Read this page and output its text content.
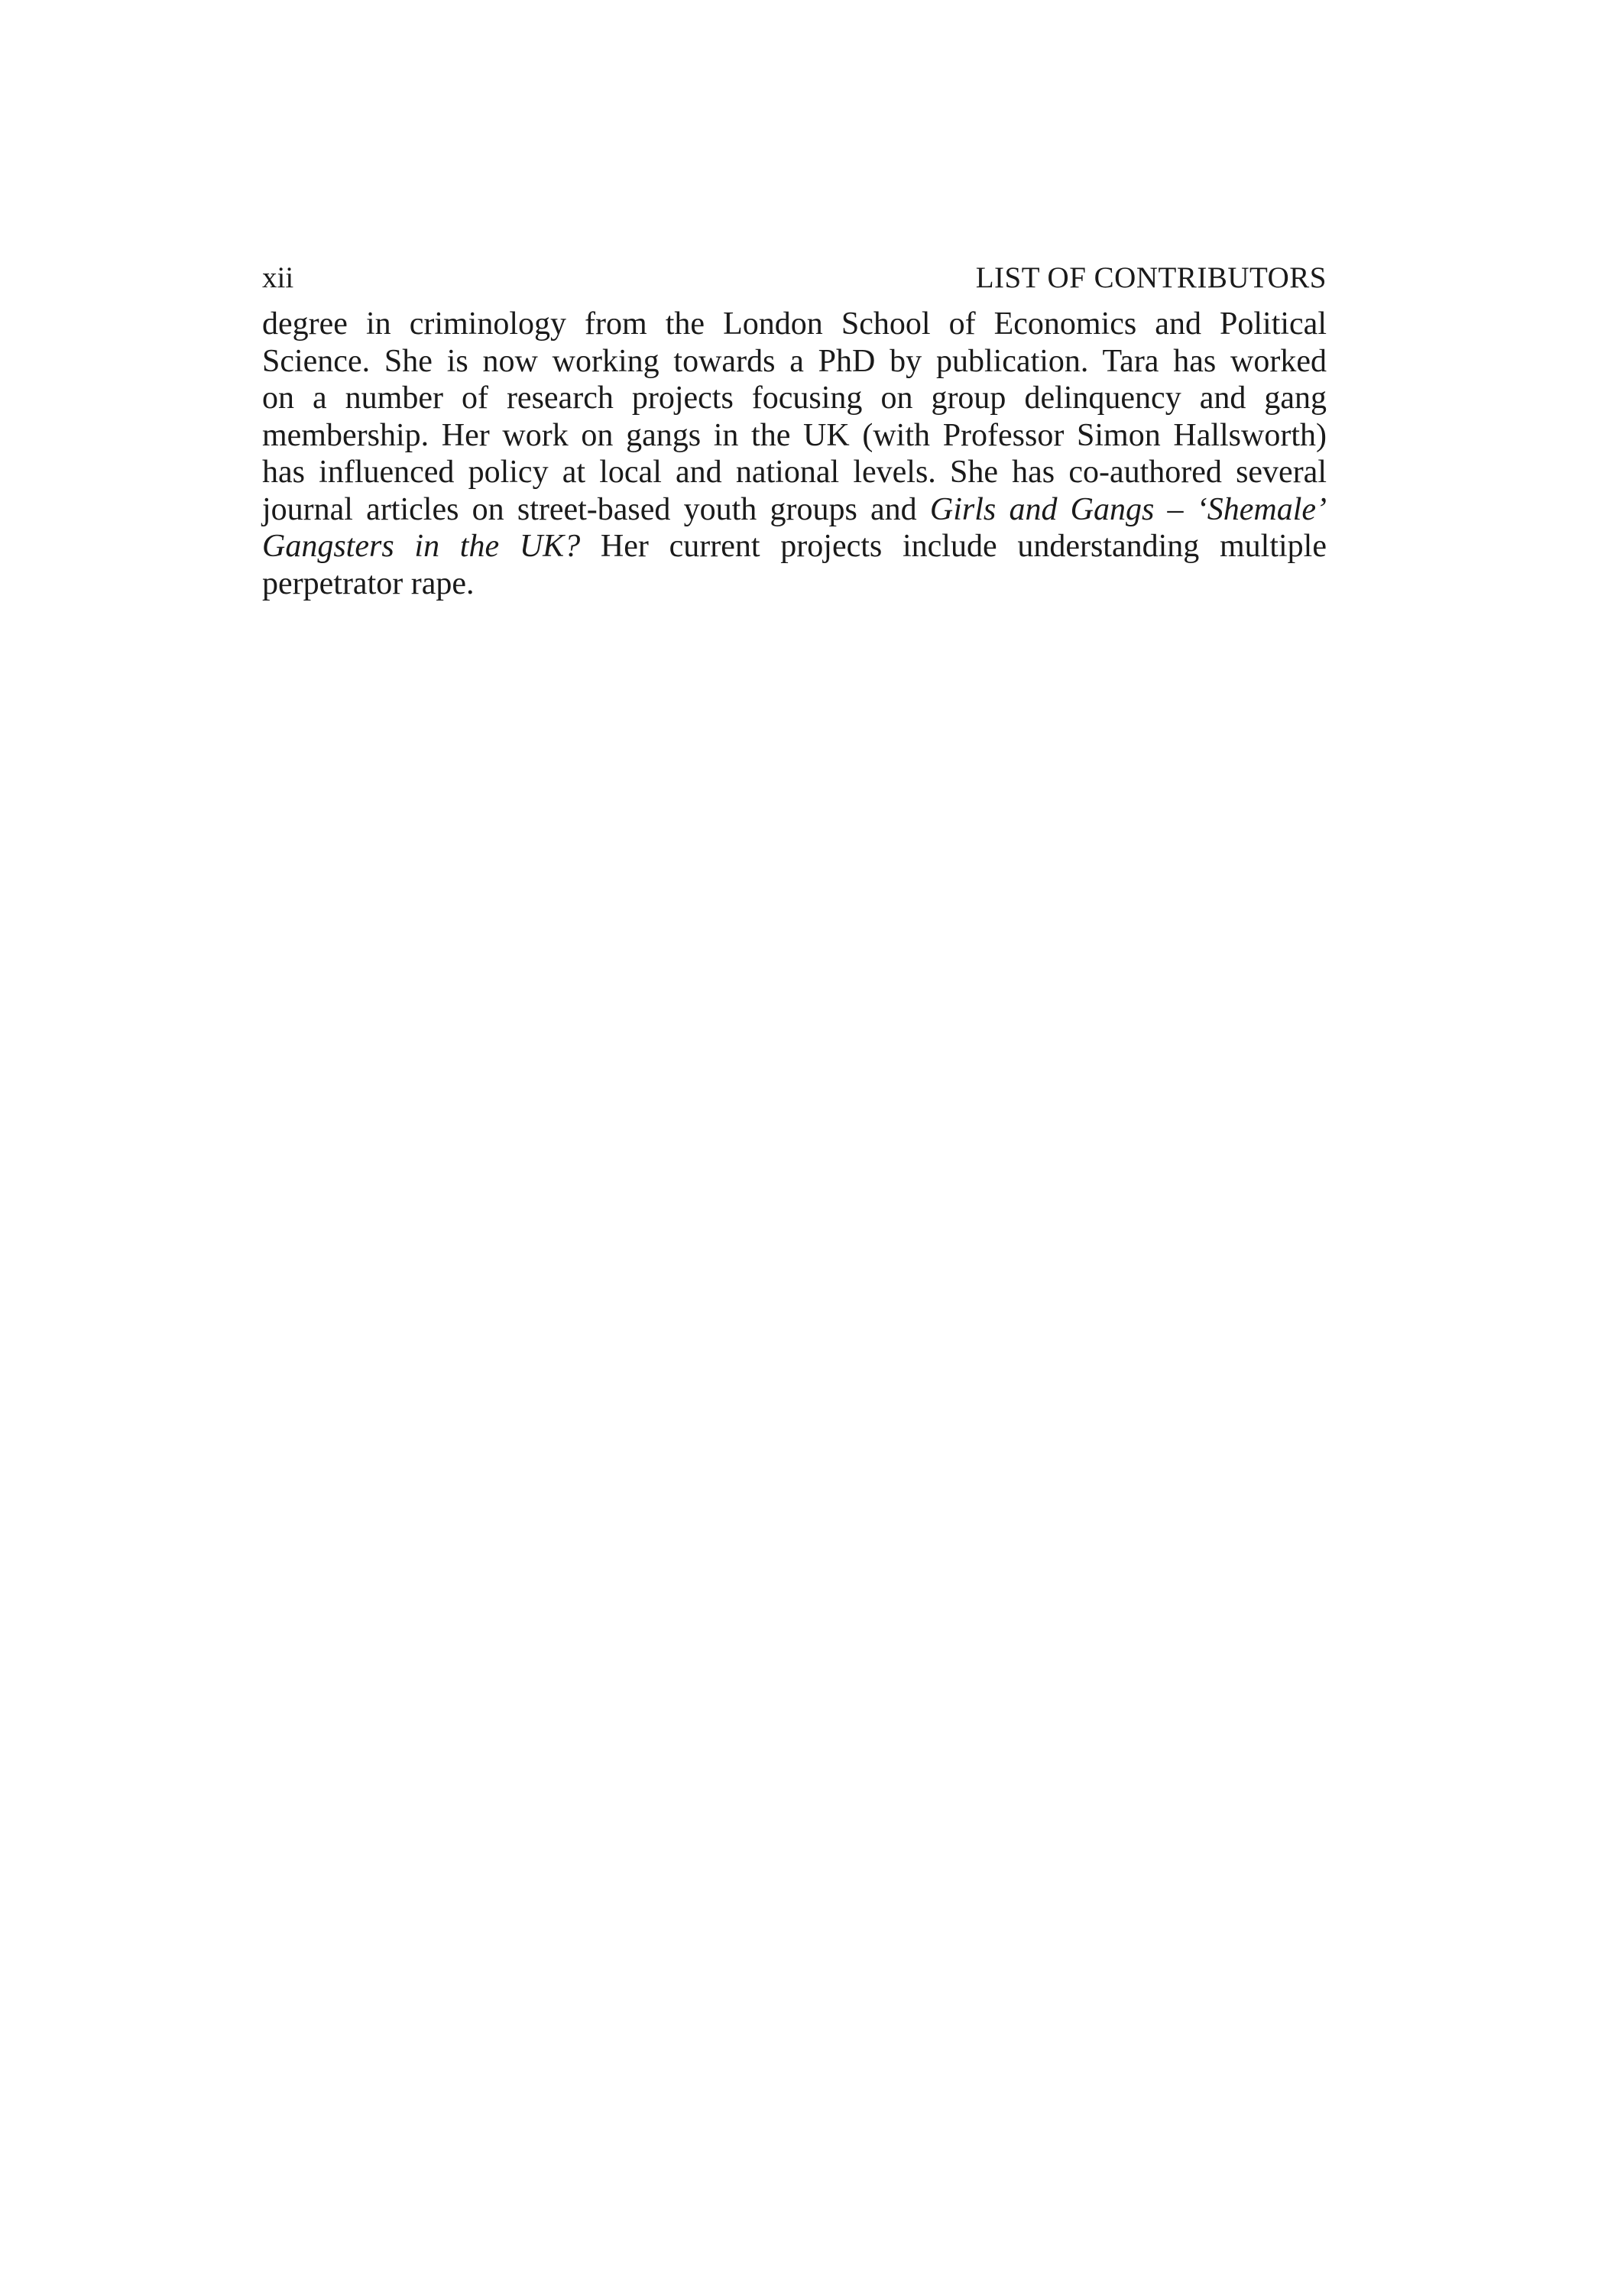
xii	LIST OF CONTRIBUTORS
degree in criminology from the London School of Economics and Political
Science. She is now working towards a PhD by publication. Tara has worked
on a number of research projects focusing on group delinquency and gang
membership. Her work on gangs in the UK (with Professor Simon Hallsworth)
has influenced policy at local and national levels. She has co-authored several
journal articles on street-based youth groups and Girls and Gangs – ‘Shemale’
Gangsters in the UK? Her current projects include understanding multiple
perpetrator rape.
